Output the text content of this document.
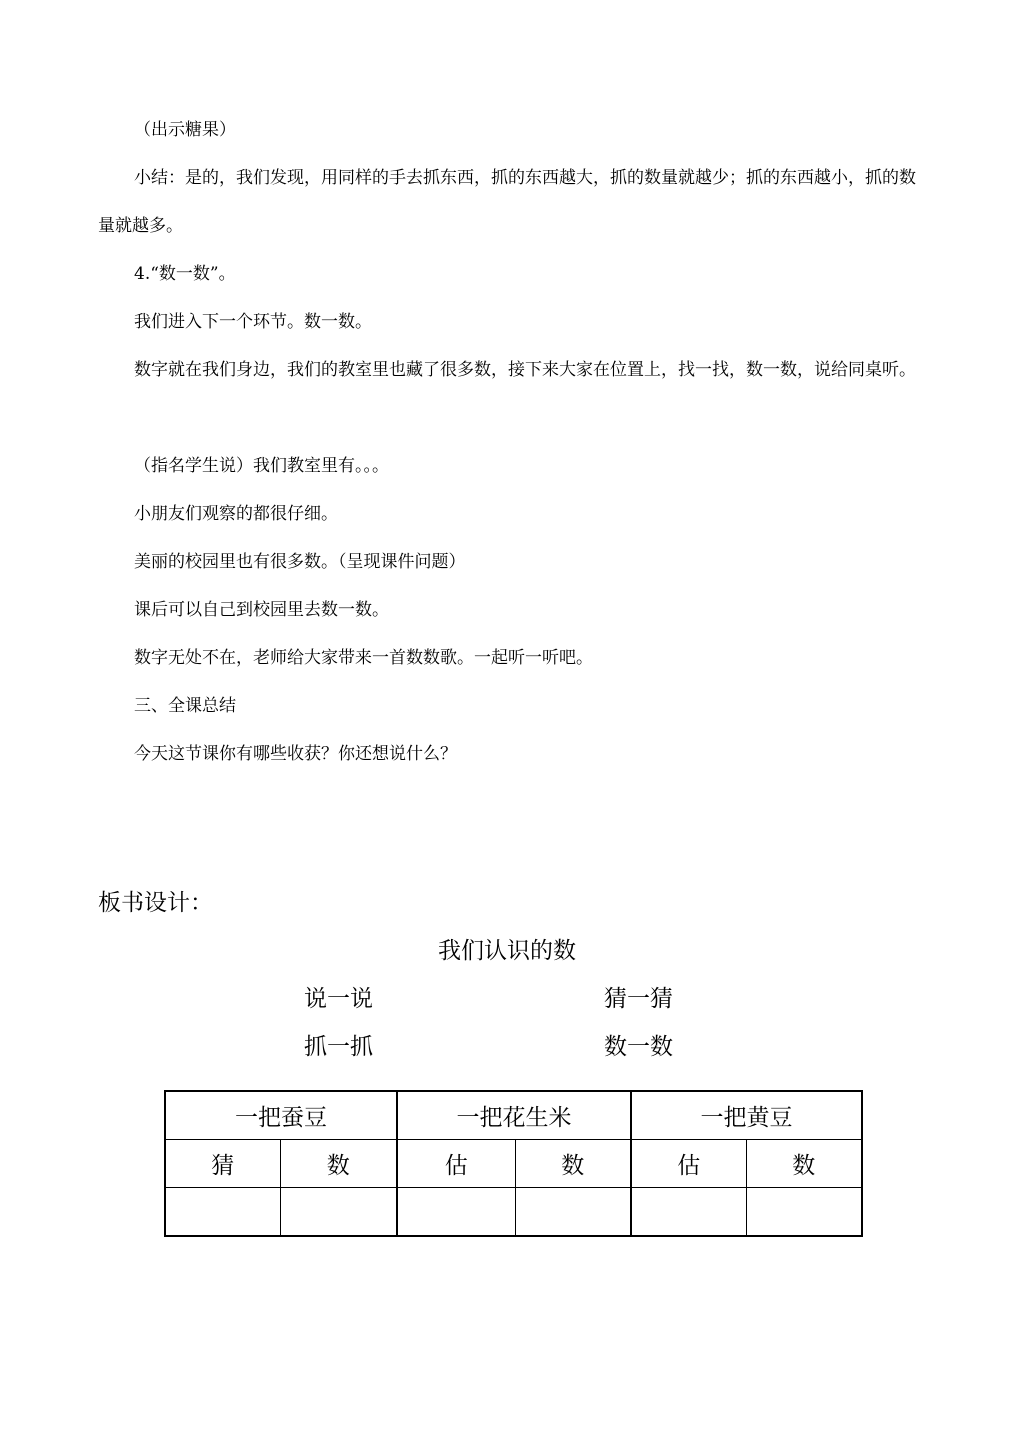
（出示糖果）

小结：是的，我们发现，用同样的手去抓东西，抓的东西越大，抓的数量就越少；抓的东西越小，抓的数量就越多。

4.“数一数”。

我们进入下一个环节。数一数。

数字就在我们身边，我们的教室里也藏了很多数，接下来大家在位置上，找一找，数一数，说给同桌听。

（指名学生说）我们教室里有。。。

小朋友们观察的都很仔细。

美丽的校园里也有很多数。（呈现课件问题）

课后可以自己到校园里去数一数。

数字无处不在，老师给大家带来一首数数歌。一起听一听吧。

三、全课总结

今天这节课你有哪些收获？你还想说什么？

板书设计：

我们认识的数

说一说	猜一猜

抓一抓	数一数

一把蚕豆		一把花生米		一把黄豆	
猜	数	估	数	估	数
